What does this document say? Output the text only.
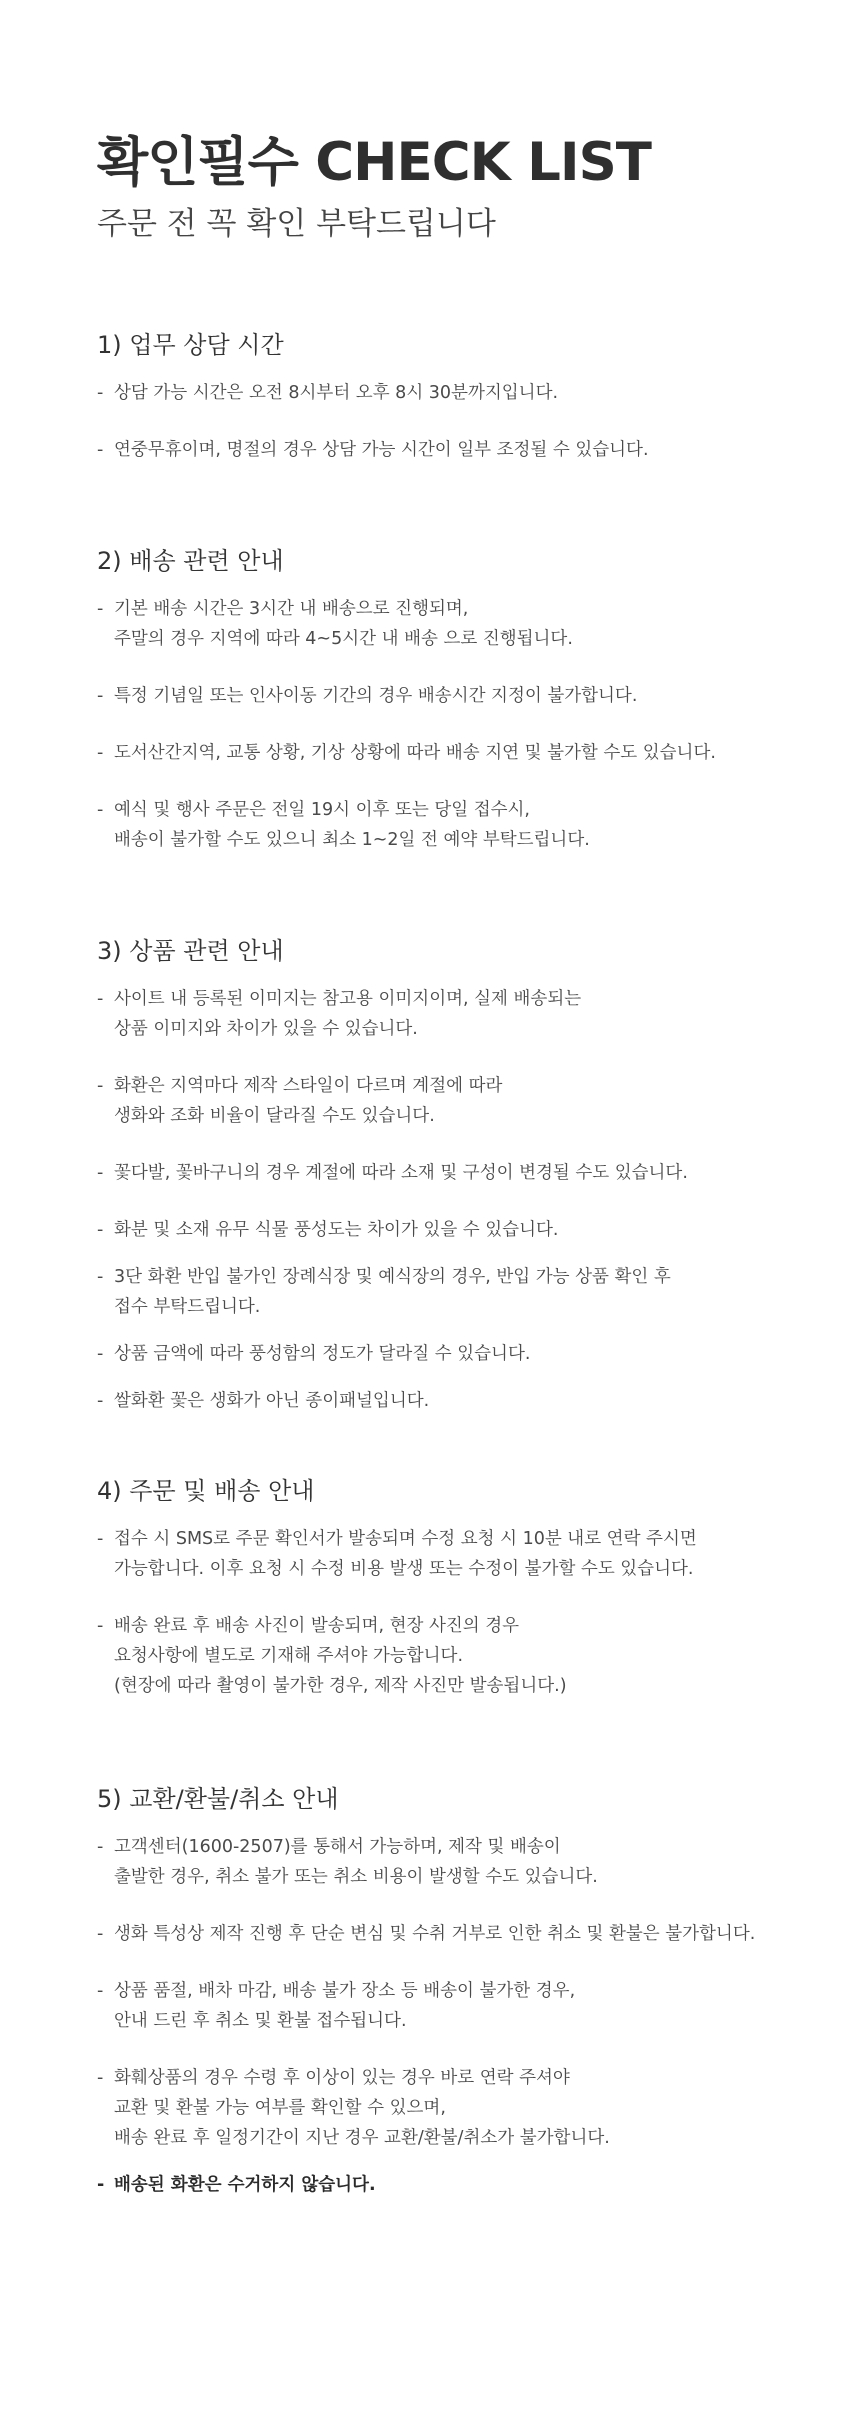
확인필수 CHECK LIST
주문 전 꼭 확인 부탁드립니다
1) 업무 상담 시간
- 상담 가능 시간은 오전 8시부터 오후 8시 30분까지입니다.
- 연중무휴이며, 명절의 경우 상담 가능 시간이 일부 조정될 수 있습니다.
2) 배송 관련 안내
- 기본 배송 시간은 3시간 내 배송으로 진행되며,
주말의 경우 지역에 따라 4~5시간 내 배송 으로 진행됩니다.
- 특정 기념일 또는 인사이동 기간의 경우 배송시간 지정이 불가합니다.
- 도서산간지역, 교통 상황, 기상 상황에 따라 배송 지연 및 불가할 수도 있습니다.
- 예식 및 행사 주문은 전일 19시 이후 또는 당일 접수시,
배송이 불가할 수도 있으니 최소 1~2일 전 예약 부탁드립니다.
3) 상품 관련 안내
- 사이트 내 등록된 이미지는 참고용 이미지이며, 실제 배송되는
상품 이미지와 차이가 있을 수 있습니다.
- 화환은 지역마다 제작 스타일이 다르며 계절에 따라
생화와 조화 비율이 달라질 수도 있습니다.
- 꽃다발, 꽃바구니의 경우 계절에 따라 소재 및 구성이 변경될 수도 있습니다.
- 화분 및 소재 유무 식물 풍성도는 차이가 있을 수 있습니다.
- 3단 화환 반입 불가인 장례식장 및 예식장의 경우, 반입 가능 상품 확인 후
접수 부탁드립니다.
- 상품 금액에 따라 풍성함의 정도가 달라질 수 있습니다.
- 쌀화환 꽃은 생화가 아닌 종이패널입니다.
4) 주문 및 배송 안내
- 접수 시 SMS로 주문 확인서가 발송되며 수정 요청 시 10분 내로 연락 주시면
가능합니다. 이후 요청 시 수정 비용 발생 또는 수정이 불가할 수도 있습니다.
- 배송 완료 후 배송 사진이 발송되며, 현장 사진의 경우
요청사항에 별도로 기재해 주셔야 가능합니다.
(현장에 따라 촬영이 불가한 경우, 제작 사진만 발송됩니다.)
5) 교환/환불/취소 안내
- 고객센터(1600-2507)를 통해서 가능하며, 제작 및 배송이
출발한 경우, 취소 불가 또는 취소 비용이 발생할 수도 있습니다.
- 생화 특성상 제작 진행 후 단순 변심 및 수취 거부로 인한 취소 및 환불은 불가합니다.
- 상품 품절, 배차 마감, 배송 불가 장소 등 배송이 불가한 경우,
안내 드린 후 취소 및 환불 접수됩니다.
- 화훼상품의 경우 수령 후 이상이 있는 경우 바로 연락 주셔야
교환 및 환불 가능 여부를 확인할 수 있으며,
배송 완료 후 일정기간이 지난 경우 교환/환불/취소가 불가합니다.
- 배송된 화환은 수거하지 않습니다.
